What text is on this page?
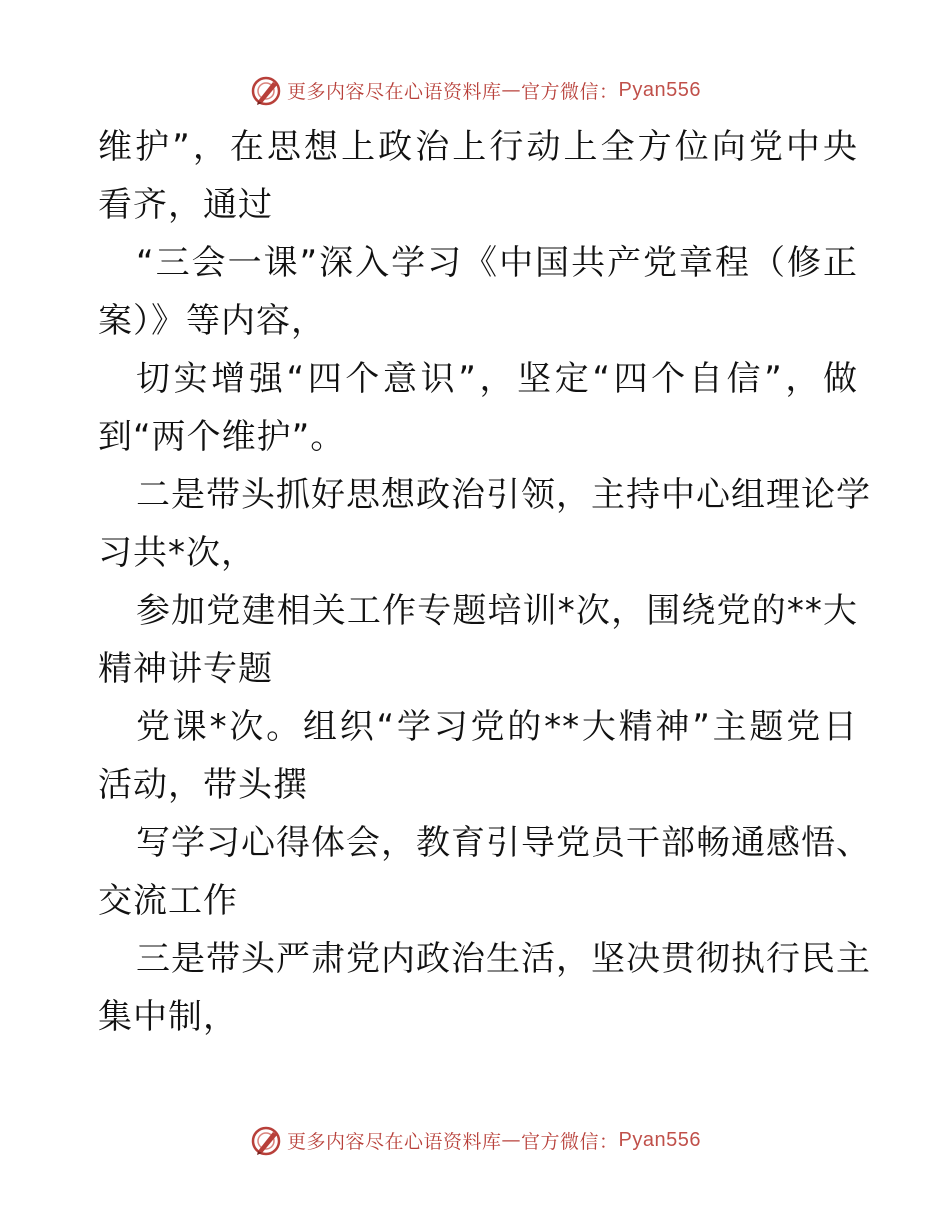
更多内容尽在心语资料库 — 官方微信： Pyan556
维护”，在思想上政治上行动上全方位向党中央
看齐，通过
“三会一课”深入学习《中国共产党章程（修正
案）》等内容，
切实增强“四个意识”，坚定“四个自信”，做
到“两个维护”。
二是带头抓好思想政治引领，主持中心组理论学
习共*次，
参加党建相关工作专题培训*次，围绕党的**大
精神讲专题
党课*次。组织“学习党的**大精神”主题党日
活动，带头撰
写学习心得体会，教育引导党员干部畅通感悟、
交流工作
三是带头严肃党内政治生活，坚决贯彻执行民主
集中制，
更多内容尽在心语资料库 — 官方微信： Pyan556
